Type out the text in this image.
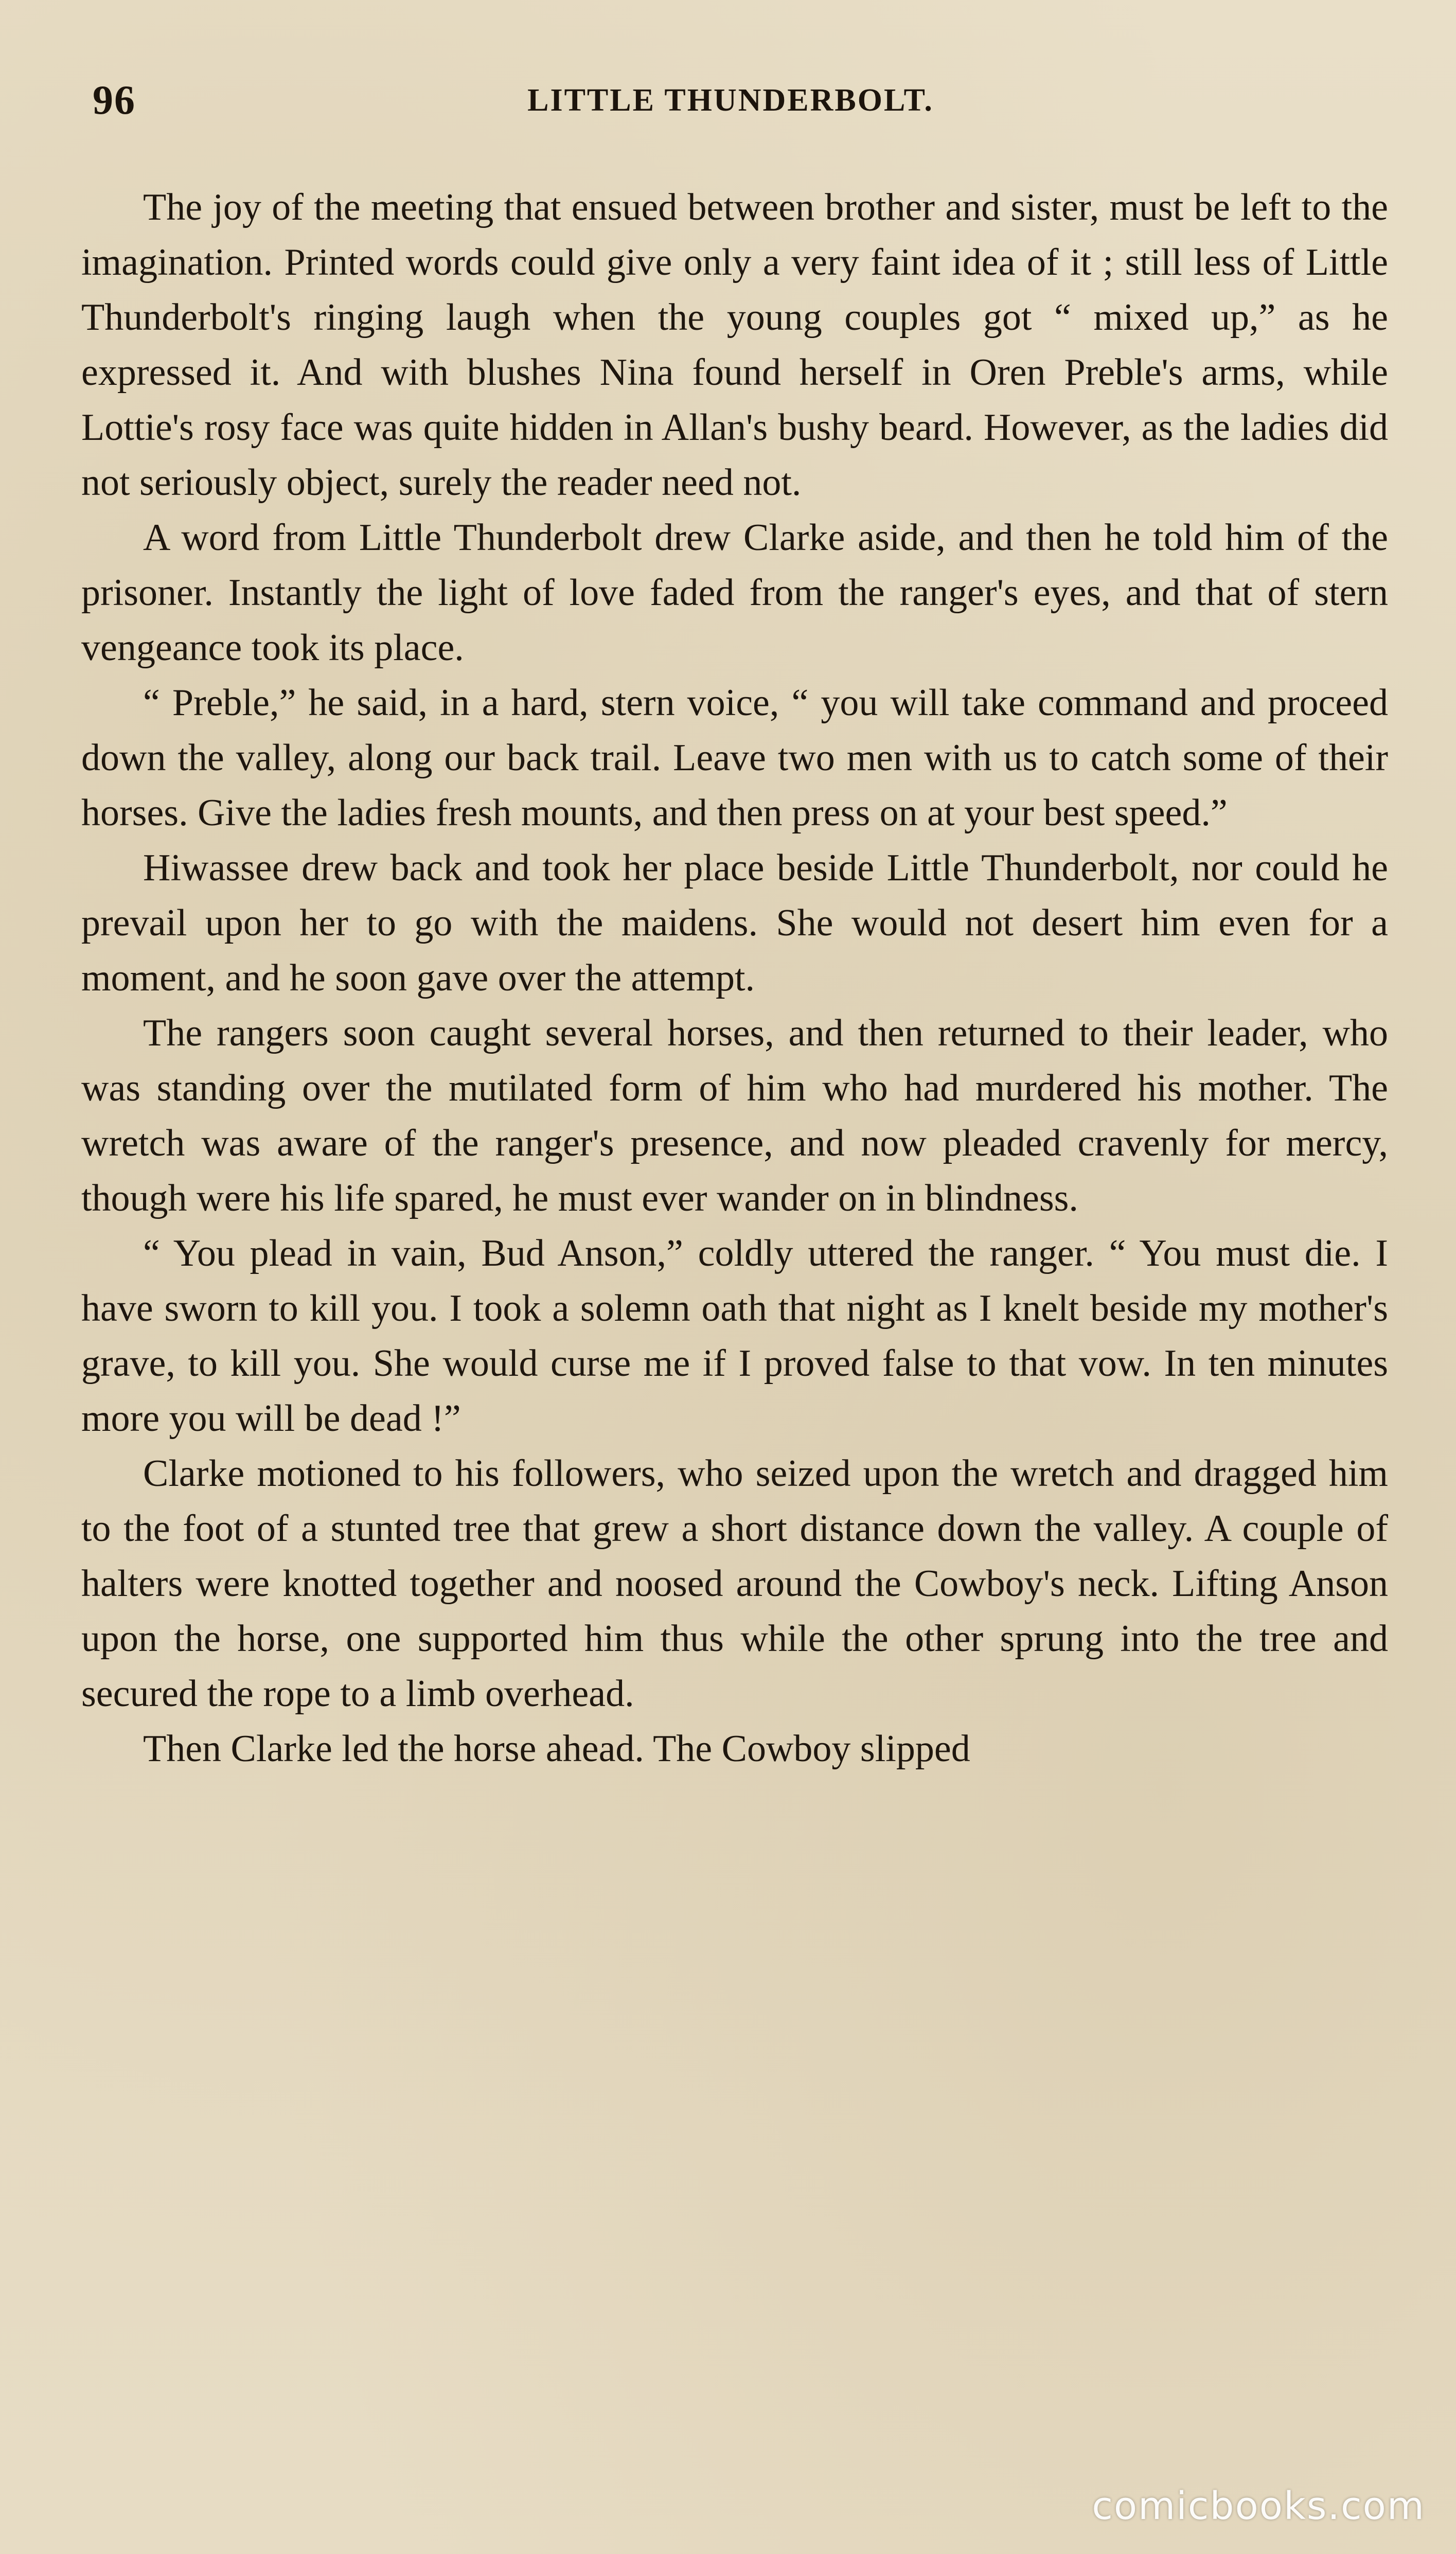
96	LITTLE THUNDERBOLT.

The joy of the meeting that ensued between brother and sister, must be left to the imagination. Printed words could give only a very faint idea of it ; still less of Little Thunderbolt's ringing laugh when the young couples got “ mixed up,” as he expressed it. And with blushes Nina found herself in Oren Preble's arms, while Lottie's rosy face was quite hidden in Allan's bushy beard. However, as the ladies did not seriously object, surely the reader need not.

A word from Little Thunderbolt drew Clarke aside, and then he told him of the prisoner. Instantly the light of love faded from the ranger's eyes, and that of stern vengeance took its place.

“ Preble,” he said, in a hard, stern voice, “ you will take command and proceed down the valley, along our back trail. Leave two men with us to catch some of their horses. Give the ladies fresh mounts, and then press on at your best speed.”

Hiwassee drew back and took her place beside Little Thunderbolt, nor could he prevail upon her to go with the maidens. She would not desert him even for a moment, and he soon gave over the attempt.

The rangers soon caught several horses, and then returned to their leader, who was standing over the mutilated form of him who had murdered his mother. The wretch was aware of the ranger's presence, and now pleaded cravenly for mercy, though were his life spared, he must ever wander on in blindness.

“ You plead in vain, Bud Anson,” coldly uttered the ranger. “ You must die. I have sworn to kill you. I took a solemn oath that night as I knelt beside my mother's grave, to kill you. She would curse me if I proved false to that vow. In ten minutes more you will be dead !”

Clarke motioned to his followers, who seized upon the wretch and dragged him to the foot of a stunted tree that grew a short distance down the valley. A couple of halters were knotted together and noosed around the Cowboy's neck. Lifting Anson upon the horse, one supported him thus while the other sprung into the tree and secured the rope to a limb overhead.

Then Clarke led the horse ahead. The Cowboy slipped

comicbooks.com
